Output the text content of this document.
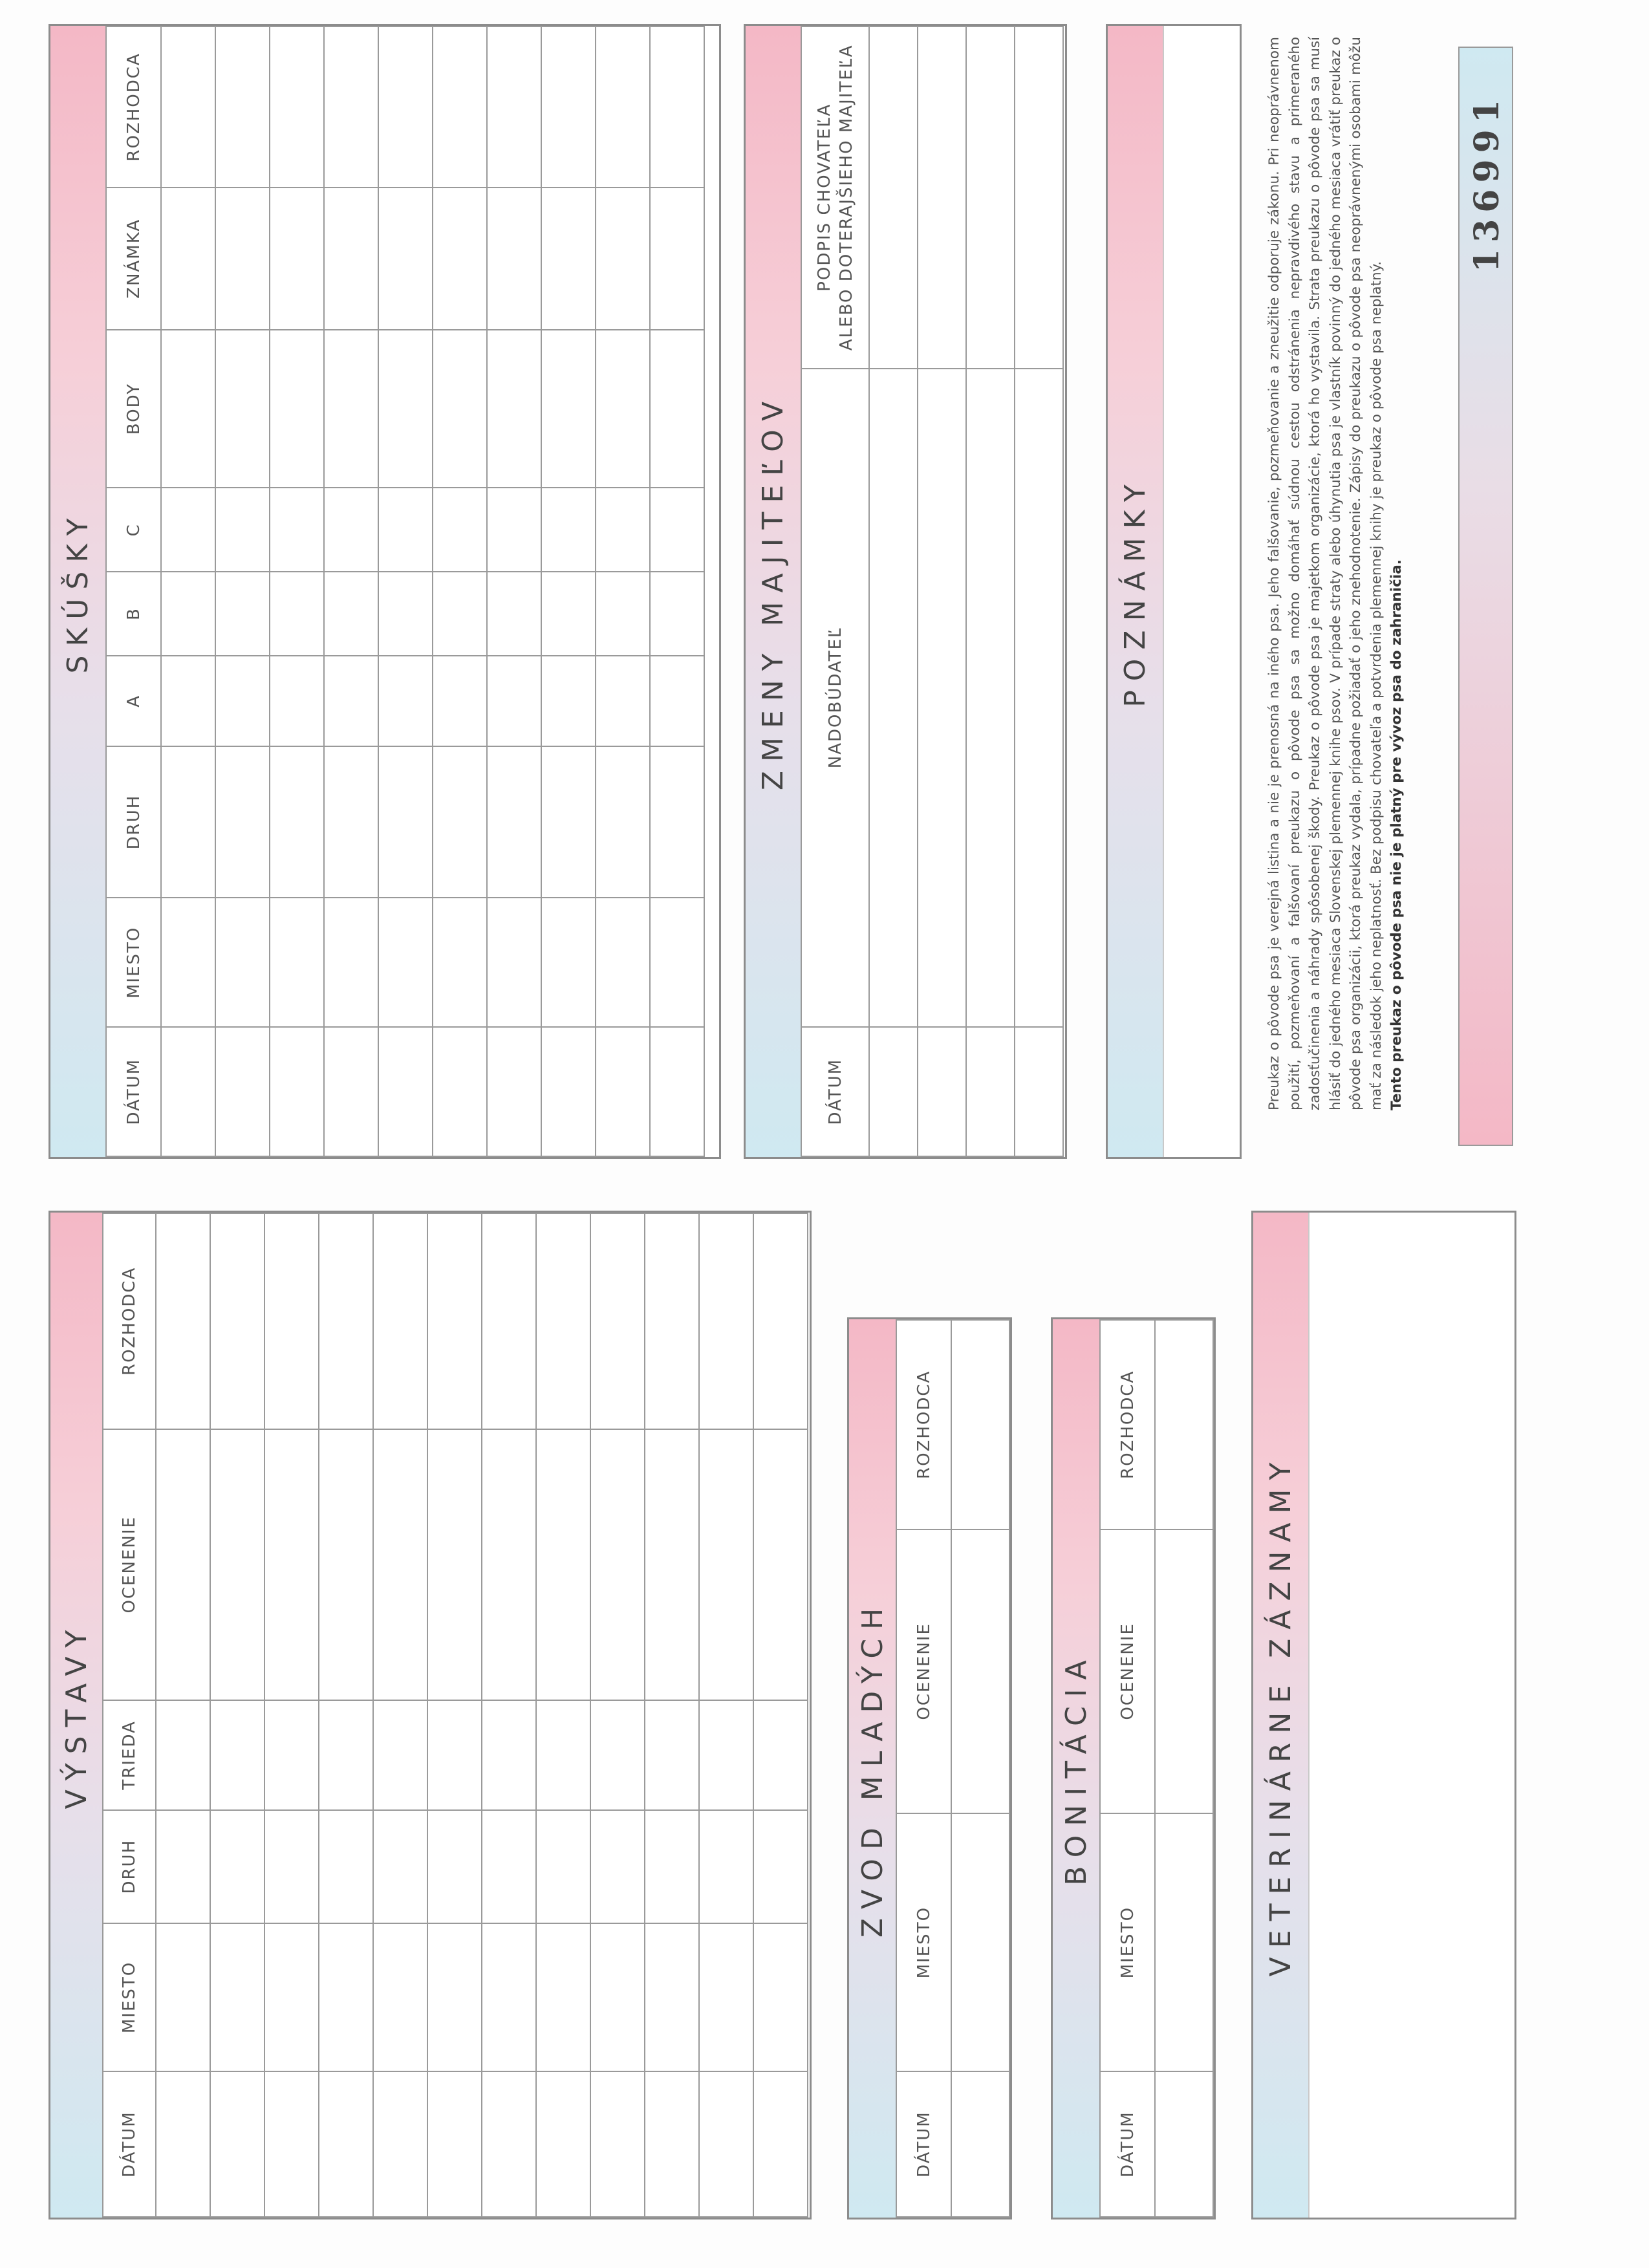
VÝSTAVY
DÁTUM	MIESTO	DRUH	TRIEDA	OCENENIE	ROZHODCA

ZVOD MLADÝCH
DÁTUM	MIESTO	OCENENIE	ROZHODCA

BONITÁCIA
DÁTUM	MIESTO	OCENENIE	ROZHODCA

VETERINÁRNE ZÁZNAMY
SKÚŠKY
DÁTUM	MIESTO	DRUH	A	B	C	BODY	ZNÁMKA	ROZHODCA

ZMENY MAJITEĽOV
DÁTUM	NADOBÚDATEĽ	PODPIS CHOVATEĽA ALEBO DOTERAJŠIEHO MAJITEĽA

POZNÁMKY	Preukaz o pôvode psa je verejná listina a nie je prenosná na iného psa. Jeho falšovanie, pozmeňovanie a zneužitie odporuje zákonu. Pri neoprávnenom použití, pozmeňovaní a falšovaní preukazu o pôvode psa sa možno domáhať súdnou cestou odstránenia nepravdivého stavu a primeraného zadosťučinenia a náhrady spôsobenej škody. Preukaz o pôvode psa je majetkom organizácie, ktorá ho vystavila. Strata preukazu o pôvode psa sa musí hlásiť do jedného mesiaca Slovenskej plemennej knihe psov. V prípade straty alebo úhynutia psa je vlastník povinný do jedného mesiaca vrátiť preukaz o pôvode psa organizácii, ktorá preukaz vydala, prípadne požiadať o jeho znehodnotenie. Zápisy do preukazu o pôvode psa neoprávnenými osobami môžu mať za následok jeho neplatnosť. Bez podpisu chovateľa a potvrdenia plemennej knihy je preukaz o pôvode psa neplatný. Tento preukaz o pôvode psa nie je platný pre vývoz psa do zahraničia.
136991
